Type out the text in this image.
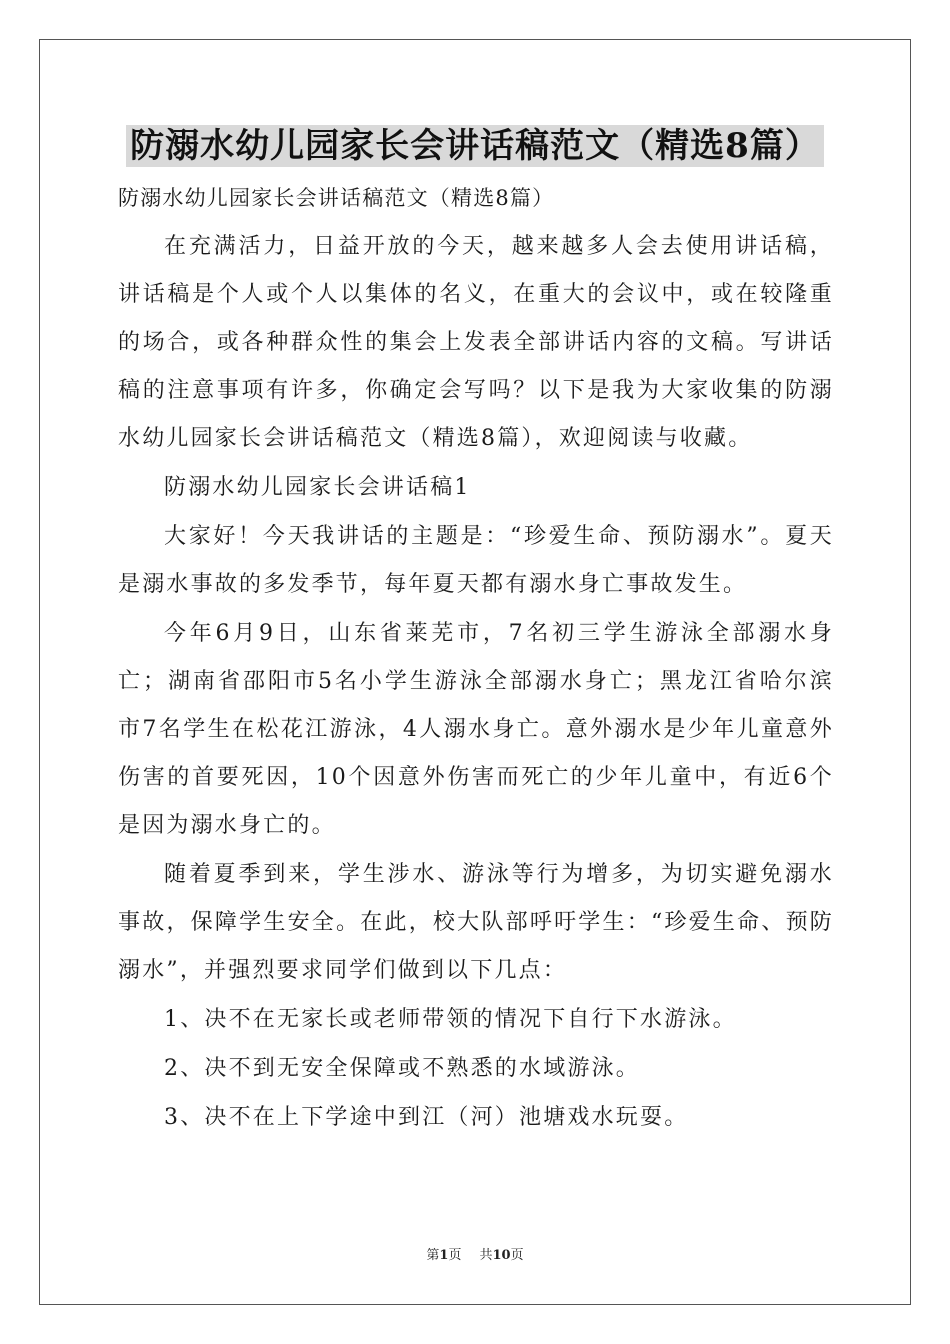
防溺水幼儿园家长会讲话稿范文（精选8篇）
防溺水幼儿园家长会讲话稿范文（精选8篇）
在充满活力，日益开放的今天，越来越多人会去使用讲话稿，讲话稿是个人或个人以集体的名义，在重大的会议中，或在较隆重的场合，或各种群众性的集会上发表全部讲话内容的文稿。写讲话稿的注意事项有许多，你确定会写吗？以下是我为大家收集的防溺水幼儿园家长会讲话稿范文（精选8篇），欢迎阅读与收藏。
防溺水幼儿园家长会讲话稿1
大家好！今天我讲话的主题是：“珍爱生命、预防溺水”。夏天是溺水事故的多发季节，每年夏天都有溺水身亡事故发生。
今年6月9日，山东省莱芜市，7名初三学生游泳全部溺水身亡；湖南省邵阳市5名小学生游泳全部溺水身亡；黑龙江省哈尔滨市7名学生在松花江游泳，4人溺水身亡。意外溺水是少年儿童意外伤害的首要死因，10个因意外伤害而死亡的少年儿童中，有近6个是因为溺水身亡的。
随着夏季到来，学生涉水、游泳等行为增多，为切实避免溺水事故，保障学生安全。在此，校大队部呼吁学生：“珍爱生命、预防溺水”，并强烈要求同学们做到以下几点：
1、决不在无家长或老师带领的情况下自行下水游泳。
2、决不到无安全保障或不熟悉的水域游泳。
3、决不在上下学途中到江（河）池塘戏水玩耍。
第1页 共10页
